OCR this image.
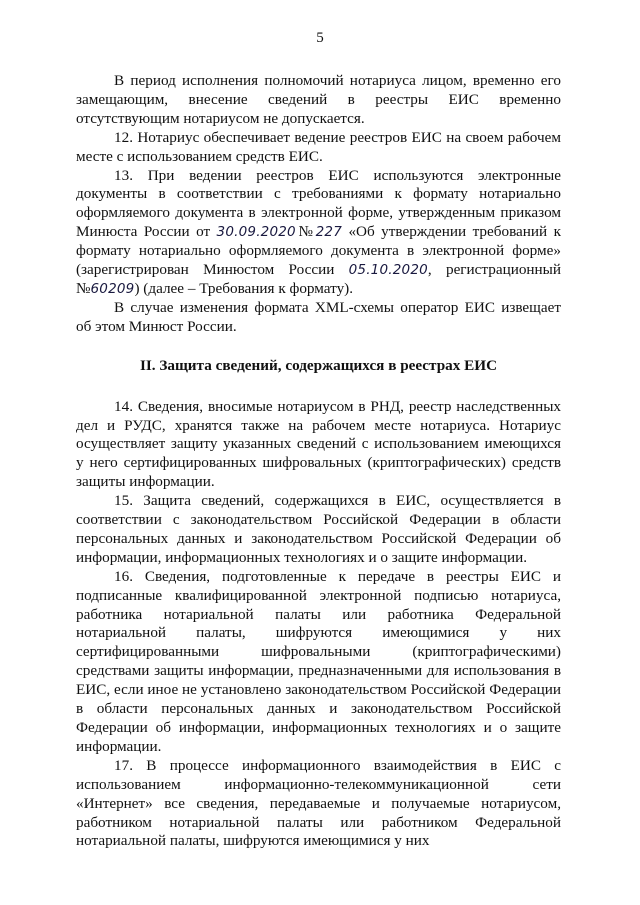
5

В период исполнения полномочий нотариуса лицом, временно его замещающим, внесение сведений в реестры ЕИС временно отсутствующим нотариусом не допускается.

12. Нотариус обеспечивает ведение реестров ЕИС на своем рабочем месте с использованием средств ЕИС.

13. При ведении реестров ЕИС используются электронные документы в соответствии с требованиями к формату нотариально оформляемого документа в электронной форме, утвержденным приказом Минюста России от 30.09.2020№227 «Об утверждении требований к формату нотариально оформляемого документа в электронной форме» (зарегистрирован Минюстом России 05.10.2020, регистрационный №60209) (далее – Требования к формату).

В случае изменения формата XML-схемы оператор ЕИС извещает об этом Минюст России.

II. Защита сведений, содержащихся в реестрах ЕИС

14. Сведения, вносимые нотариусом в РНД, реестр наследственных дел и РУДС, хранятся также на рабочем месте нотариуса. Нотариус осуществляет защиту указанных сведений с использованием имеющихся у него сертифицированных шифровальных (криптографических) средств защиты информации.

15. Защита сведений, содержащихся в ЕИС, осуществляется в соответствии с законодательством Российской Федерации в области персональных данных и законодательством Российской Федерации об информации, информационных технологиях и о защите информации.

16. Сведения, подготовленные к передаче в реестры ЕИС и подписанные квалифицированной электронной подписью нотариуса, работника нотариальной палаты или работника Федеральной нотариальной палаты, шифруются имеющимися у них сертифицированными шифровальными (криптографическими) средствами защиты информации, предназначенными для использования в ЕИС, если иное не установлено законодательством Российской Федерации в области персональных данных и законодательством Российской Федерации об информации, информационных технологиях и о защите информации.

17. В процессе информационного взаимодействия в ЕИС с использованием информационно-телекоммуникационной сети «Интернет» все сведения, передаваемые и получаемые нотариусом, работником нотариальной палаты или работником Федеральной нотариальной палаты, шифруются имеющимися у них
